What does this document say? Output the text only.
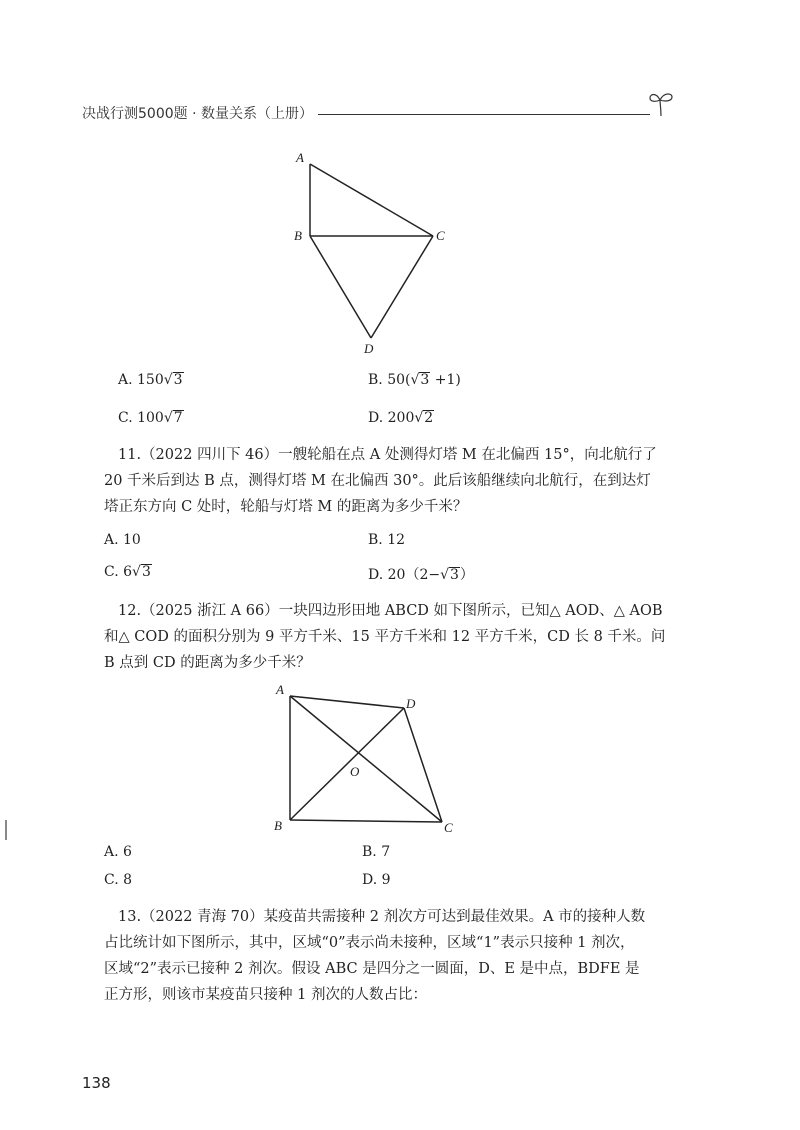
决战行测5000题 · 数量关系（上册）
A
B	C
D
A. 150√3	B. 50(√3 +1)
C. 100√7	D. 200√2

11.（2022 四川下 46）一艘轮船在点 A 处测得灯塔 M 在北偏西 15°，向北航行了

20 千米后到达 B 点，测得灯塔 M 在北偏西 30°。此后该船继续向北航行，在到达灯

塔正东方向 C 处时，轮船与灯塔 M 的距离为多少千米？

A. 10	B. 12
C. 6√3	D. 20（2−√3）

12.（2025 浙江 A 66）一块四边形田地 ABCD 如下图所示，已知△ AOD、△ AOB

和△ COD 的面积分别为 9 平方千米、15 平方千米和 12 平方千米，CD 长 8 千米。问

B 点到 CD 的距离为多少千米？

A
B	C
D
O
A. 6	B. 7
C. 8	D. 9

13.（2022 青海 70）某疫苗共需接种 2 剂次方可达到最佳效果。A 市的接种人数

占比统计如下图所示，其中，区域“0”表示尚未接种，区域“1”表示只接种 1 剂次，

区域“2”表示已接种 2 剂次。假设 ABC 是四分之一圆面，D、E 是中点，BDFE 是

正方形，则该市某疫苗只接种 1 剂次的人数占比：

138
